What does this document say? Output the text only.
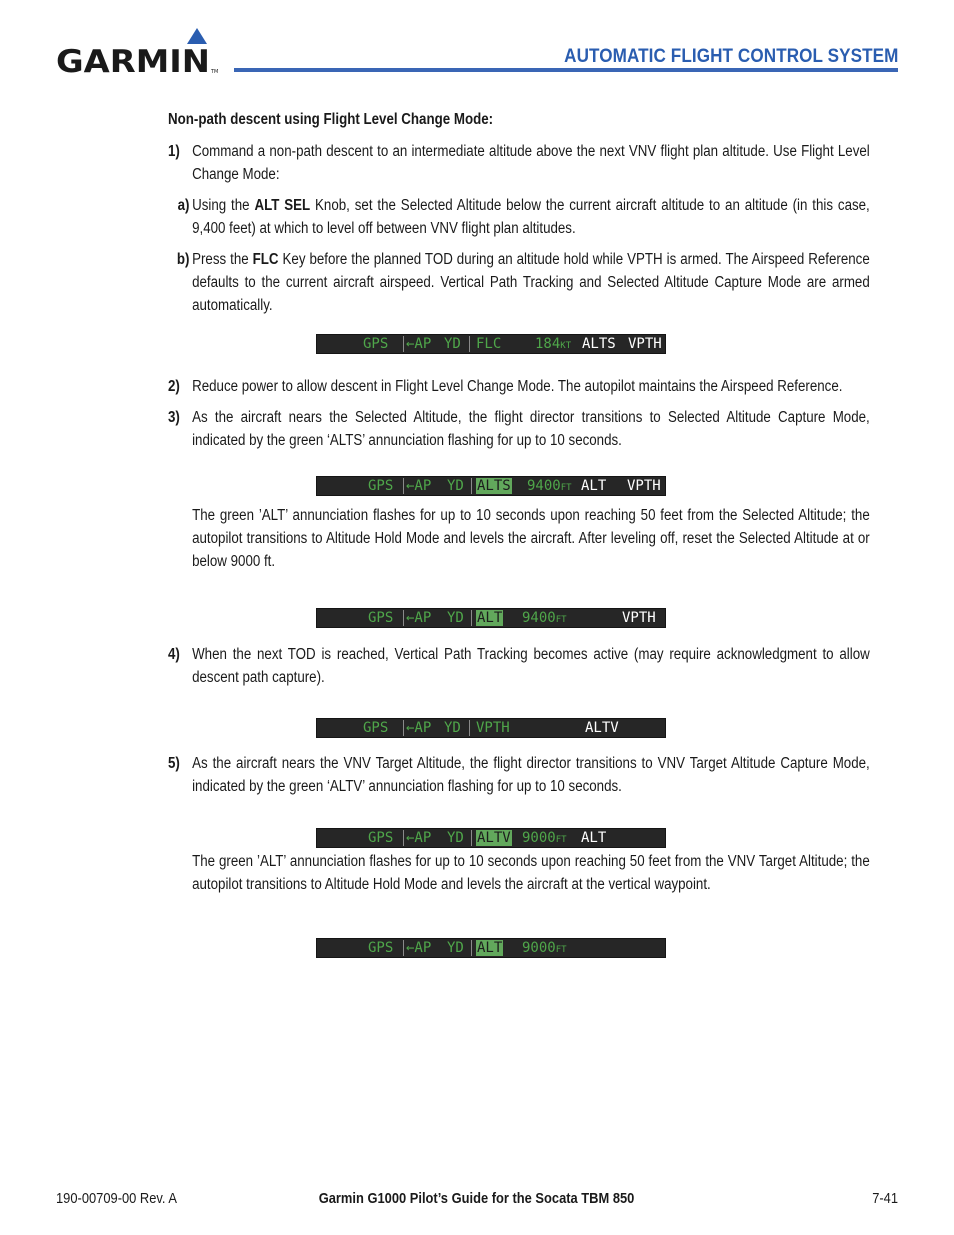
GARMIN TM
AUTOMATIC FLIGHT CONTROL SYSTEM
Non-path descent using Flight Level Change Mode:
1) Command a non-path descent to an intermediate altitude above the next VNV flight plan altitude. Use Flight Level Change Mode:
a) Using the ALT SEL Knob, set the Selected Altitude below the current aircraft altitude to an altitude (in this case, 9,400 feet) at which to level off between VNV flight plan altitudes.
b) Press the FLC Key before the planned TOD during an altitude hold while VPTH is armed. The Airspeed Reference defaults to the current aircraft airspeed. Vertical Path Tracking and Selected Altitude Capture Mode are armed automatically.
2) Reduce power to allow descent in Flight Level Change Mode. The autopilot maintains the Airspeed Reference.
3) As the aircraft nears the Selected Altitude, the flight director transitions to Selected Altitude Capture Mode, indicated by the green ‘ALTS’ annunciation flashing for up to 10 seconds.
The green ’ALT’ annunciation flashes for up to 10 seconds upon reaching 50 feet from the Selected Altitude; the autopilot transitions to Altitude Hold Mode and levels the aircraft. After leveling off, reset the Selected Altitude at or below 9000 ft.
4) When the next TOD is reached, Vertical Path Tracking becomes active (may require acknowledgment to allow descent path capture).
5) As the aircraft nears the VNV Target Altitude, the flight director transitions to VNV Target Altitude Capture Mode, indicated by the green ‘ALTV’ annunciation flashing for up to 10 seconds.
The green ’ALT’ annunciation flashes for up to 10 seconds upon reaching 50 feet from the VNV Target Altitude; the autopilot transitions to Altitude Hold Mode and levels the aircraft at the vertical waypoint.
GPS ←AP YD FLC 184KT ALTS VPTH
GPS ←AP YD ALTS 9400FT ALT VPTH
GPS ←AP YD ALT 9400FT	VPTH
GPS ←AP YD VPTH	ALTV
GPS ←AP YD ALTV 9000FT ALT
GPS ←AP YD ALT 9000FT
190-00709-00 Rev. A	Garmin G1000 Pilot’s Guide for the Socata TBM 850	7-41
